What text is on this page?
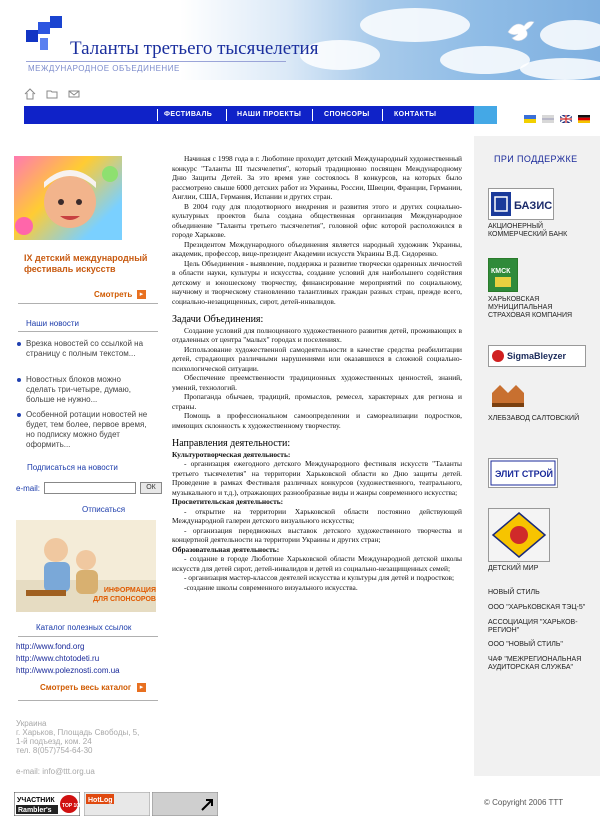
Таланты третьего тысячелетия
МЕЖДУНАРОДНОЕ ОБЪЕДИНЕНИЕ
ФЕСТИВАЛЬ	НАШИ ПРОЕКТЫ	СПОНСОРЫ	КОНТАКТЫ
IX детский международный фестиваль искусств
Смотреть	▸
Наши новости
Врезка новостей со ссылкой на страницу с полным текстом...
Новостных блоков можно сделать три-четыре, думаю, больше не нужно...
Особенной ротации новостей не будет, тем более, первое время, но подписку можно будет оформить...
Подписаться на новости
e-mail:	ОК
Отписаться
ИНФОРМАЦИЯ
ДЛЯ СПОНСОРОВ
Каталог полезных ссылок
http://www.fond.org
http://www.chtotodeti.ru
http://www.poleznosti.com.ua
Смотреть весь каталог	▸
Украина
г. Харьков, Площадь Свободы, 5,
1-й подъезд, ком. 24
тел. 8(057)754-64-30
e-mail: info@ttt.org.ua
Начиная с 1998 года в г. Люботине проходит детский Международный художественный конкурс "Таланты III тысячелетия", который традиционно посвящен Международному Дню Защиты Детей. За это время уже состоялось 8 конкурсов, на которых было рассмотрено свыше 6000 детских работ из Украины, России, Швеции, Франции, Германии, Англии, США, Германия, Испании и других стран.
В 2004 году для плодотворного внедрения и развития этого и других социально-культурных проектов была создана общественная организация Международное объединение "Таланты третьего тысячелетия", головной офис которой расположился в городе Харькове.
Президентом Международного объединения является народный художник Украины, академик, профессор, вице-президент Академии искусств Украины В.Д. Сидоренко.
Цель Объединения - выявление, поддержка и развитие творчески одаренных личностей в области науки, культуры и искусства, создание условий для наибольшего содействия детскому и юношескому творчеству, финансирование мероприятий по социальному, научному и творческому становлению талантливых граждан разных стран, прежде всего, социально-незащищенных, сирот, детей-инвалидов.
Задачи Объединения:
Создание условий для полноценного художественного развития детей, проживающих в отдаленных от центра "малых" городах и поселениях.
Использование художественной самодеятельности в качестве средства реабилитации детей, страдающих различными нарушениями или оказавшихся в сложной социально-психологической ситуации.
Обеспечение преемственности традиционных художественных ценностей, знаний, умений, технологий.
Пропаганда обычаев, традиций, промыслов, ремесел, характерных для региона и страны.
Помощь в профессиональном самоопределении и самореализации подростков, имеющих склонность к художественному творчеству.
Направления деятельности:
Культуротворческая деятельность:
- организация ежегодного детского Международного фестиваля искусств "Таланты третьего тысячелетия" на территории Харьковской области ко Дню защиты детей. Проведение в рамках Фестиваля различных конкурсов (художественного, театрального, музыкального и т.д.), отражающих разнообразные виды и жанры современного искусства;
Просветительская деятельность:
- открытие на территории Харьковской области постоянно действующей Международной галереи детского визуального искусства;
- организация передвижных выставок детского художественного творчества и концертной деятельности на территории Украины и других стран;
Образовательная деятельность:
- создание в городе Люботине Харьковской области Международной детской школы искусств для детей сирот, детей-инвалидов и детей из социально-незащищенных семей;
- организация мастер-классов деятелей искусства и культуры для детей и подростков;
-создание школы современного визуального искусства.
ПРИ ПОДДЕРЖКЕ
БАЗИС
АКЦИОНЕРНЫЙ КОММЕРЧЕСКИЙ БАНК
КМСК
ХАРЬКОВСКАЯ МУНИЦИПАЛЬНАЯ СТРАХОВАЯ КОМПАНИЯ
SigmaBleyzer
ХЛЕБЗАВОД САЛТОВСКИЙ
ЭЛИТ СТРОЙ
ДЕТСКИЙ МИР
НОВЫЙ СТИЛЬ
ООО "ХАРЬКОВСКАЯ ТЭЦ-5"
АССОЦИАЦИЯ "ХАРЬКОВ-РЕГИОН"
ООО "НОВЫЙ СТИЛЬ"
ЧАФ "МЕЖРЕГИОНАЛЬНАЯ АУДИТОРСКАЯ СЛУЖБА"
УЧАСТНИК
Rambler's
TOP 100
HotLog	© Copyright 2006 TTT
